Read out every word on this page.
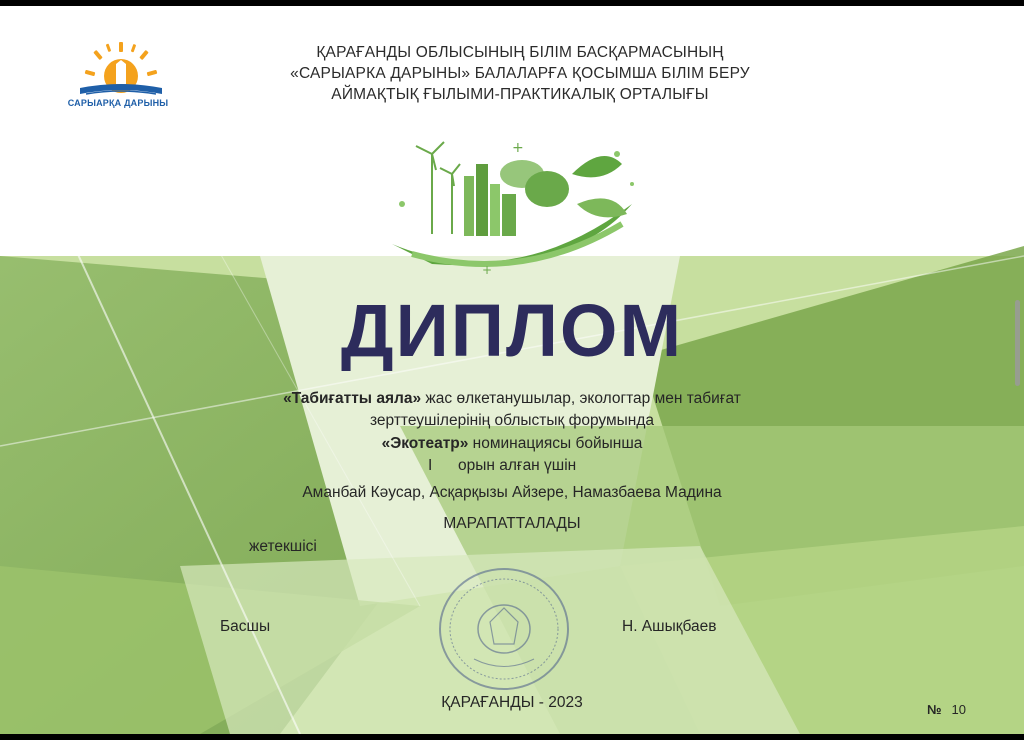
САРЫАРҚА ДАРЫНЫ
ҚАРАҒАНДЫ ОБЛЫСЫНЫҢ БІЛІМ БАСҚАРМАСЫНЫҢ
«САРЫАРКА ДАРЫНЫ» БАЛАЛАРҒА ҚОСЫМША БІЛІМ БЕРУ
АЙМАҚТЫҚ ҒЫЛЫМИ-ПРАКТИКАЛЫҚ ОРТАЛЫҒЫ
+
+
ДИПЛОМ
«Табиғатты аяла» жас өлкетанушылар, экологтар мен табиғат
зерттеушілерінің облыстық форумында
«Экотеатр» номинациясы бойынша
I орын алған үшін
Аманбай Кәусар, Асқарқызы Айзере, Намазбаева Мадина
МАРАПАТТАЛАДЫ
жетекшісі
Басшы	Н. Ашықбаев
ҚАРАҒАНДЫ - 2023	№ 10
